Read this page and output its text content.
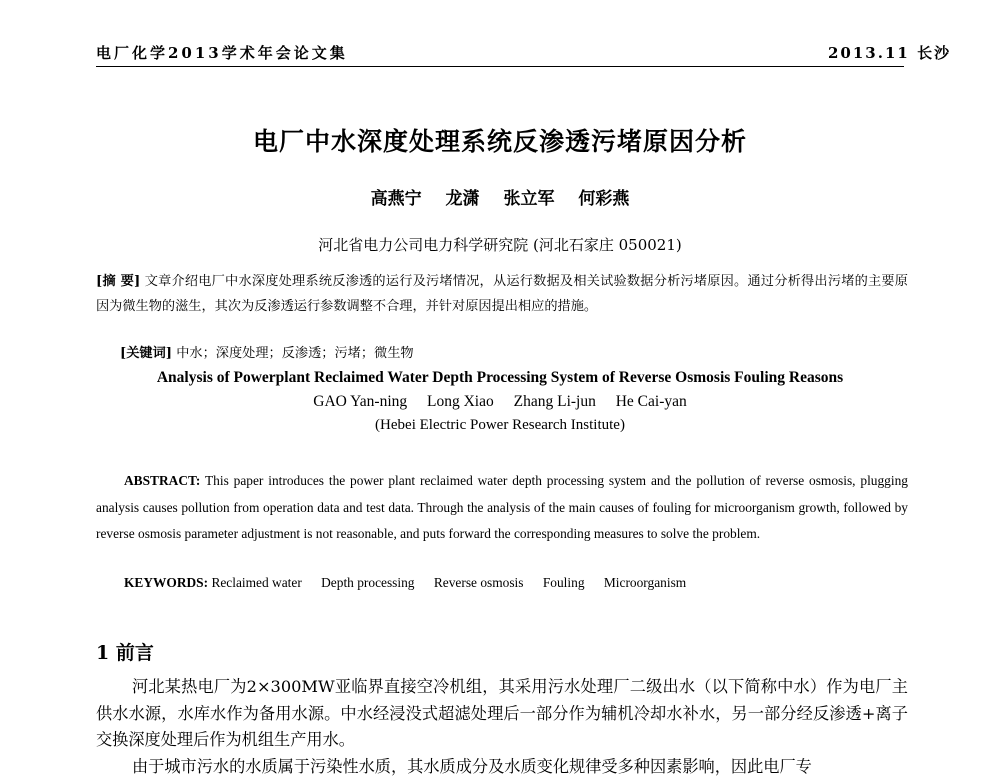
电厂化学2013学术年会论文集	2013.11 长沙
电厂中水深度处理系统反渗透污堵原因分析
高燕宁 龙潇 张立军 何彩燕
河北省电力公司电力科学研究院 (河北石家庄 050021)
[摘 要] 文章介绍电厂中水深度处理系统反渗透的运行及污堵情况，从运行数据及相关试验数据分析污堵原因。通过分析得出污堵的主要原因为微生物的滋生，其次为反渗透运行参数调整不合理，并针对原因提出相应的措施。
[关键词] 中水；深度处理；反渗透；污堵；微生物
Analysis of Powerplant Reclaimed Water Depth Processing System of Reverse Osmosis Fouling Reasons
GAO Yan-ning Long Xiao Zhang Li-jun He Cai-yan
(Hebei Electric Power Research Institute)
ABSTRACT: This paper introduces the power plant reclaimed water depth processing system and the pollution of reverse osmosis, plugging analysis causes pollution from operation data and test data. Through the analysis of the main causes of fouling for microorganism growth, followed by reverse osmosis parameter adjustment is not reasonable, and puts forward the corresponding measures to solve the problem.
KEYWORDS: Reclaimed water Depth processing Reverse osmosis Fouling Microorganism
1 前言

河北某热电厂为2×300MW亚临界直接空冷机组，其采用污水处理厂二级出水（以下简称中水）作为电厂主供水水源，水库水作为备用水源。中水经浸没式超滤处理后一部分作为辅机冷却水补水，另一部分经反渗透+离子交换深度处理后作为机组生产用水。

由于城市污水的水质属于污染性水质，其水质成分及水质变化规律受多种因素影响，因此电厂专
